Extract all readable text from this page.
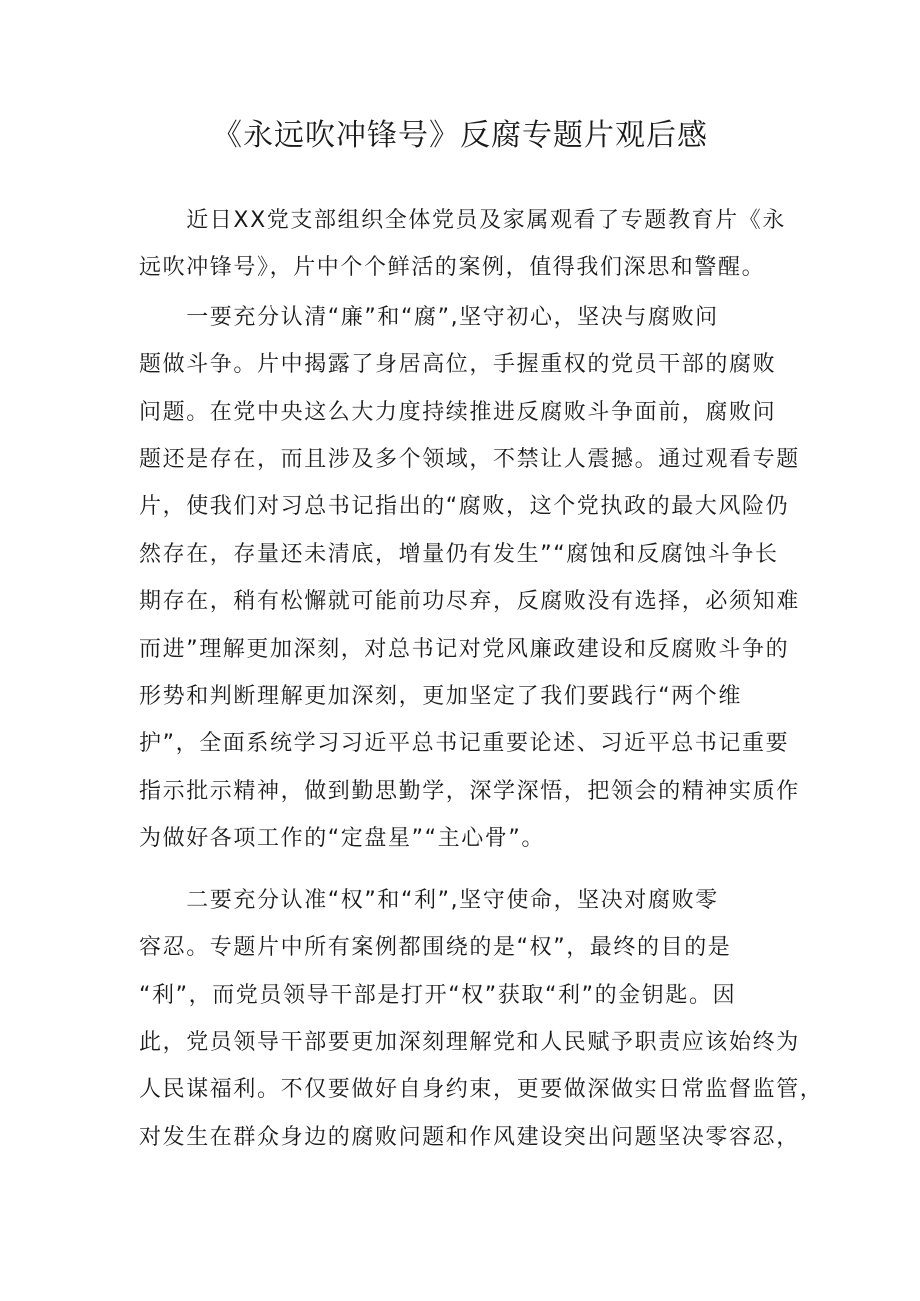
《永远吹冲锋号》反腐专题片观后感

　　近日XX党支部组织全体党员及家属观看了专题教育片《永
远吹冲锋号》，片中个个鲜活的案例，值得我们深思和警醒。

　　一要充分认清“廉”和“腐”,坚守初心，坚决与腐败问
题做斗争。片中揭露了身居高位，手握重权的党员干部的腐败
问题。在党中央这么大力度持续推进反腐败斗争面前，腐败问
题还是存在，而且涉及多个领域，不禁让人震撼。通过观看专题
片，使我们对习总书记指出的“腐败，这个党执政的最大风险仍
然存在，存量还未清底，增量仍有发生”“腐蚀和反腐蚀斗争长
期存在，稍有松懈就可能前功尽弃，反腐败没有选择，必须知难
而进”理解更加深刻，对总书记对党风廉政建设和反腐败斗争的
形势和判断理解更加深刻，更加坚定了我们要践行“两个维
护”，全面系统学习习近平总书记重要论述、习近平总书记重要
指示批示精神，做到勤思勤学，深学深悟，把领会的精神实质作
为做好各项工作的“定盘星”“主心骨”。

　　二要充分认准“权”和“利”,坚守使命，坚决对腐败零
容忍。专题片中所有案例都围绕的是“权”，最终的目的是
“利”，而党员领导干部是打开“权”获取“利”的金钥匙。因
此，党员领导干部要更加深刻理解党和人民赋予职责应该始终为
人民谋福利。不仅要做好自身约束，更要做深做实日常监督监管，
对发生在群众身边的腐败问题和作风建设突出问题坚决零容忍，
